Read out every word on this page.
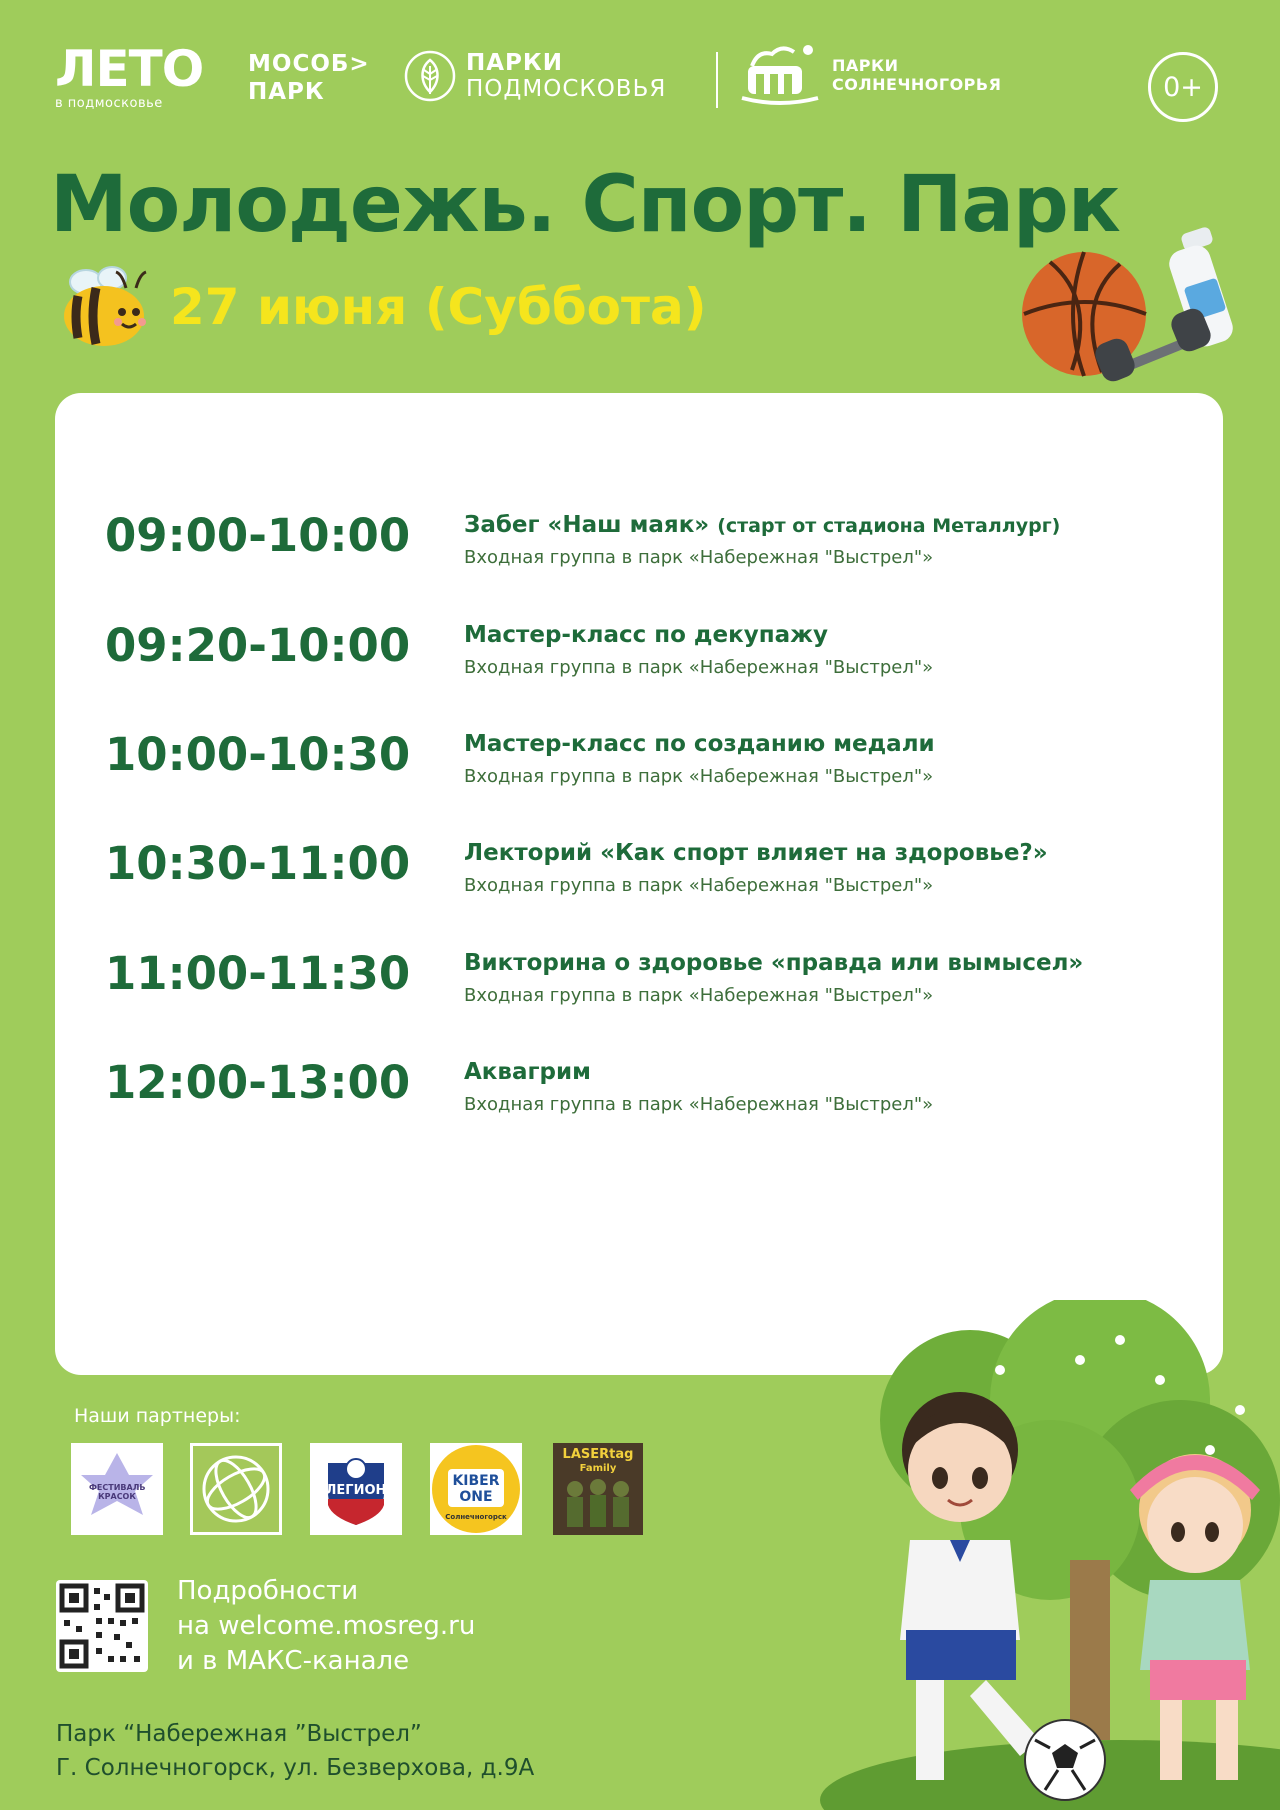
ЛЕТО
в подмосковье
МОСОБ>
ПАРК
ПАРКИ
ПОДМОСКОВЬЯ
ПАРКИ
СОЛНЕЧНОГОРЬЯ	0+
Молодежь. Спорт. Парк
27 июня (Суббота)
09:00-10:00 Забег «Наш маяк» (старт от стадиона Металлург)
Входная группа в парк «Набережная "Выстрел"»
09:20-10:00 Мастер-класс по декупажу
Входная группа в парк «Набережная "Выстрел"»
10:00-10:30 Мастер-класс по созданию медали
Входная группа в парк «Набережная "Выстрел"»
10:30-11:00 Лекторий «Как спорт влияет на здоровье?»
Входная группа в парк «Набережная "Выстрел"»
11:00-11:30 Викторина о здоровье «правда или вымысел»
Входная группа в парк «Набережная "Выстрел"»
12:00-13:00 Аквагрим
Входная группа в парк «Набережная "Выстрел"»
Наши партнеры:
ФЕСТИВАЛЬ КРАСОК	ЛЕГИОН
KIBER ONE
Солнечногорск
LASERtag
Family
Подробности
на welcome.mosreg.ru
и в МАКС-канале
Парк “Набережная ”Выстрел”
Г. Солнечногорск, ул. Безверхова, д.9А
